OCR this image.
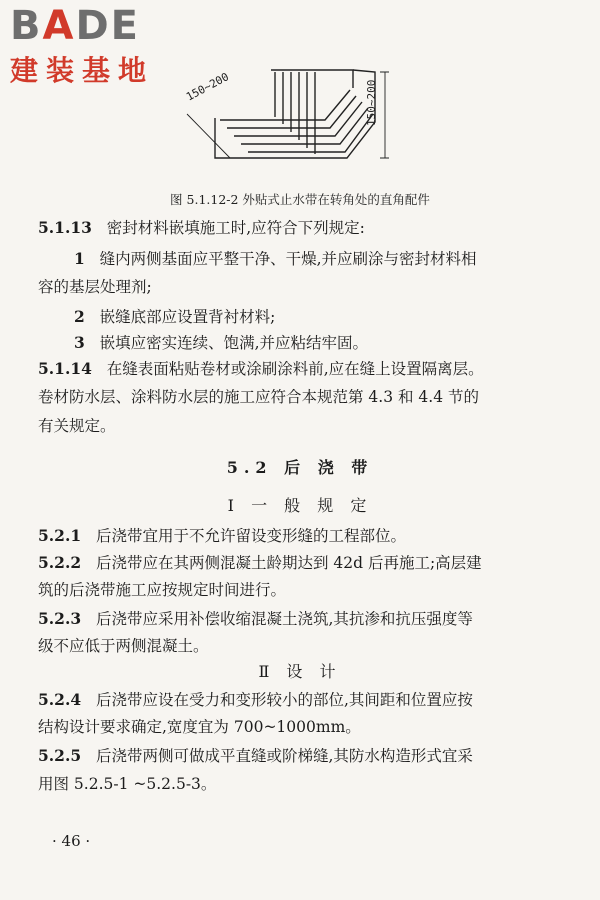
BADE
建装基地	150~200	150~200
图 5.1.12-2 外贴式止水带在转角处的直角配件
5.1.13 密封材料嵌填施工时,应符合下列规定:
1 缝内两侧基面应平整干净、干燥,并应刷涂与密封材料相
容的基层处理剂;
2 嵌缝底部应设置背衬材料;
3 嵌填应密实连续、饱满,并应粘结牢固。
5.1.14 在缝表面粘贴卷材或涂刷涂料前,应在缝上设置隔离层。
卷材防水层、涂料防水层的施工应符合本规范第 4.3 和 4.4 节的
有关规定。
5.2 后 浇 带
Ⅰ 一 般 规 定
5.2.1 后浇带宜用于不允许留设变形缝的工程部位。
5.2.2 后浇带应在其两侧混凝土龄期达到 42d 后再施工;高层建
筑的后浇带施工应按规定时间进行。
5.2.3 后浇带应采用补偿收缩混凝土浇筑,其抗渗和抗压强度等
级不应低于两侧混凝土。
Ⅱ 设 计
5.2.4 后浇带应设在受力和变形较小的部位,其间距和位置应按
结构设计要求确定,宽度宜为 700~1000mm。
5.2.5 后浇带两侧可做成平直缝或阶梯缝,其防水构造形式宜采
用图 5.2.5-1 ~5.2.5-3。
· 46 ·
